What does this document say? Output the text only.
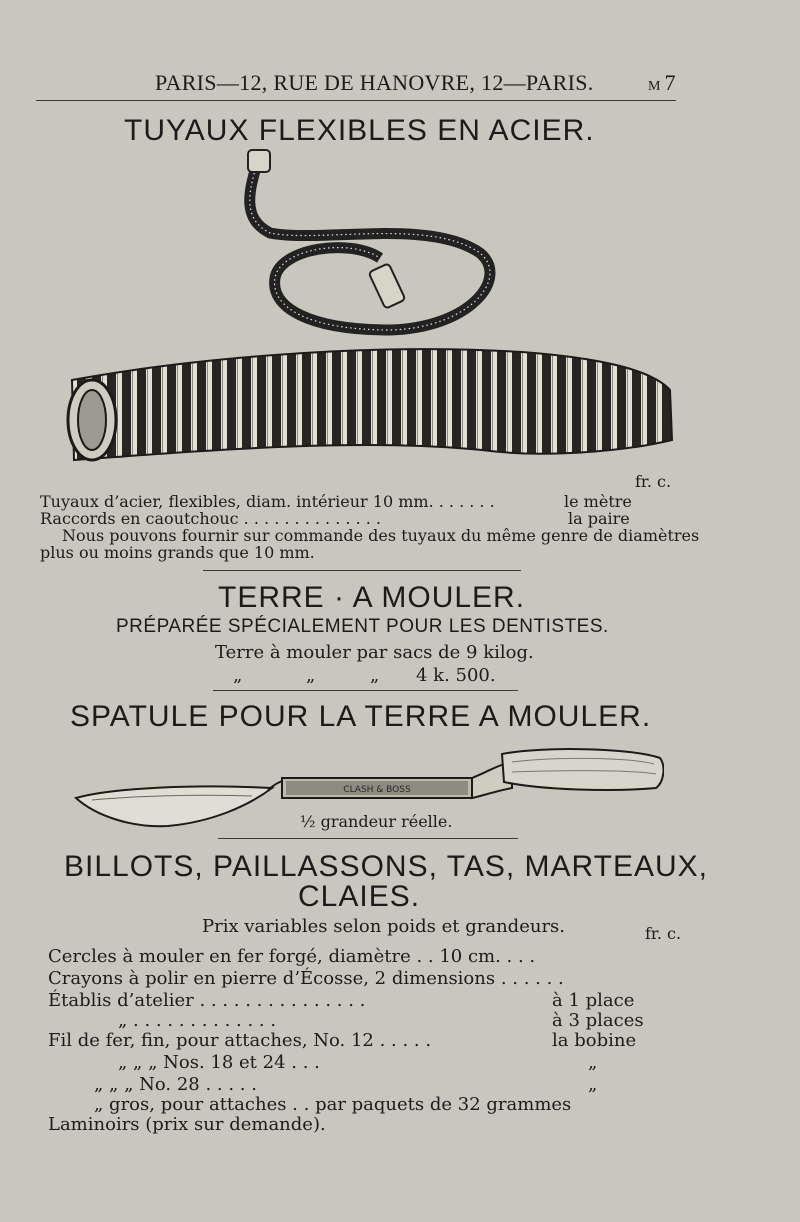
PARIS—12, RUE DE HANOVRE, 12—PARIS.	M 7
TUYAUX FLEXIBLES EN ACIER.
fr. c.
Tuyaux d’acier, flexibles, diam. intérieur 10 mm. . . . . . .	le mètre
Raccords en caoutchouc . . . . . . . . . . . . . .	la paire
Nous pouvons fournir sur commande des tuyaux du même genre de diamètres
plus ou moins grands que 10 mm.
TERRE · A MOULER.
PRÉPARÉE SPÉCIALEMENT POUR LES DENTISTES.
Terre à mouler par sacs de 9 kilog.
„	„	„ 4 k. 500.
SPATULE POUR LA TERRE A MOULER.
CLASH & BOSS
½ grandeur réelle.
BILLOTS, PAILLASSONS, TAS, MARTEAUX,
CLAIES.
Prix variables selon poids et grandeurs.	fr. c.
Cercles à mouler en fer forgé, diamètre . . 10 cm. . . .
Crayons à polir en pierre d’Écosse, 2 dimensions . . . . . .
Établis d’atelier . . . . . . . . . . . . . . .	à 1 place
„ . . . . . . . . . . . . .	à 3 places
Fil de fer, fin, pour attaches, No. 12 . . . . .	la bobine
„ „ „ Nos. 18 et 24 . . .	„
„ „ „ No. 28 . . . . .	„
„ gros, pour attaches . . par paquets de 32 grammes
Laminoirs (prix sur demande).
